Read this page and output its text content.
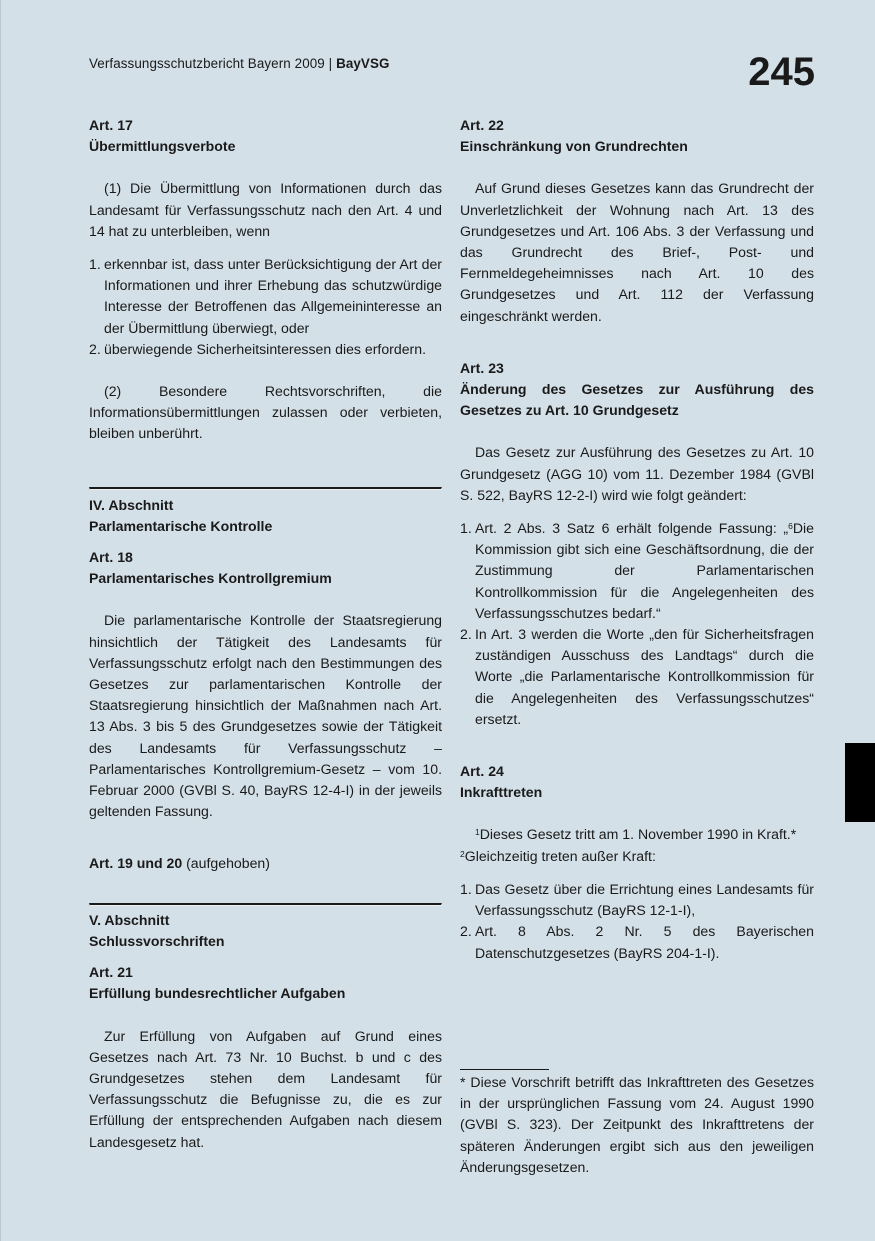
Verfassungsschutzbericht Bayern 2009 | BayVSG	245

Art. 17

Übermittlungsverbote

(1) Die Übermittlung von Informationen durch das Landesamt für Verfassungsschutz nach den Art. 4 und 14 hat zu unterbleiben, wenn

1. erkennbar ist, dass unter Berücksichtigung der Art der Informationen und ihrer Erhebung das schutzwürdige Interesse der Betroffenen das Allgemeininteresse an der Übermittlung überwiegt, oder
2. überwiegende Sicherheitsinteressen dies erfordern.

(2) Besondere Rechtsvorschriften, die Informationsübermittlungen zulassen oder verbieten, bleiben unberührt.

IV. Abschnitt

Parlamentarische Kontrolle

Art. 18

Parlamentarisches Kontrollgremium

Die parlamentarische Kontrolle der Staatsregierung hinsichtlich der Tätigkeit des Landesamts für Verfassungsschutz erfolgt nach den Bestimmungen des Gesetzes zur parlamentarischen Kontrolle der Staatsregierung hinsichtlich der Maßnahmen nach Art. 13 Abs. 3 bis 5 des Grundgesetzes sowie der Tätigkeit des Landesamts für Verfassungsschutz – Parlamentarisches Kontrollgremium-Gesetz – vom 10. Februar 2000 (GVBl S. 40, BayRS 12-4-I) in der jeweils geltenden Fassung.

Art. 19 und 20 (aufgehoben)

V. Abschnitt

Schlussvorschriften

Art. 21

Erfüllung bundesrechtlicher Aufgaben

Zur Erfüllung von Aufgaben auf Grund eines Gesetzes nach Art. 73 Nr. 10 Buchst. b und c des Grundgesetzes stehen dem Landesamt für Verfassungsschutz die Befugnisse zu, die es zur Erfüllung der entsprechenden Aufgaben nach diesem Landesgesetz hat.

Art. 22

Einschränkung von Grundrechten

Auf Grund dieses Gesetzes kann das Grundrecht der Unverletzlichkeit der Wohnung nach Art. 13 des Grundgesetzes und Art. 106 Abs. 3 der Verfassung und das Grundrecht des Brief-, Post- und Fernmeldegeheimnisses nach Art. 10 des Grundgesetzes und Art. 112 der Verfassung eingeschränkt werden.

Art. 23

Änderung des Gesetzes zur Ausführung des Gesetzes zu Art. 10 Grundgesetz

Das Gesetz zur Ausführung des Gesetzes zu Art. 10 Grundgesetz (AGG 10) vom 11. Dezember 1984 (GVBl S. 522, BayRS 12-2-I) wird wie folgt geändert:

1. Art. 2 Abs. 3 Satz 6 erhält folgende Fassung: „$^6$Die Kommission gibt sich eine Geschäftsordnung, die der Zustimmung der Parlamentarischen Kontrollkommission für die Angelegenheiten des Verfassungsschutzes bedarf.“
2. In Art. 3 werden die Worte „den für Sicherheitsfragen zuständigen Ausschuss des Landtags“ durch die Worte „die Parlamentarische Kontrollkommission für die Angelegenheiten des Verfassungsschutzes“ ersetzt.

Art. 24

Inkrafttreten

$^1$Dieses Gesetz tritt am 1. November 1990 in Kraft.*

$^2$Gleichzeitig treten außer Kraft:

1. Das Gesetz über die Errichtung eines Landesamts für Verfassungsschutz (BayRS 12-1-I),
2. Art. 8 Abs. 2 Nr. 5 des Bayerischen Datenschutzgesetzes (BayRS 204-1-I).

* Diese Vorschrift betrifft das Inkrafttreten des Gesetzes in der ursprünglichen Fassung vom 24. August 1990 (GVBl S. 323). Der Zeitpunkt des Inkrafttretens der späteren Änderungen ergibt sich aus den jeweiligen Änderungsgesetzen.
